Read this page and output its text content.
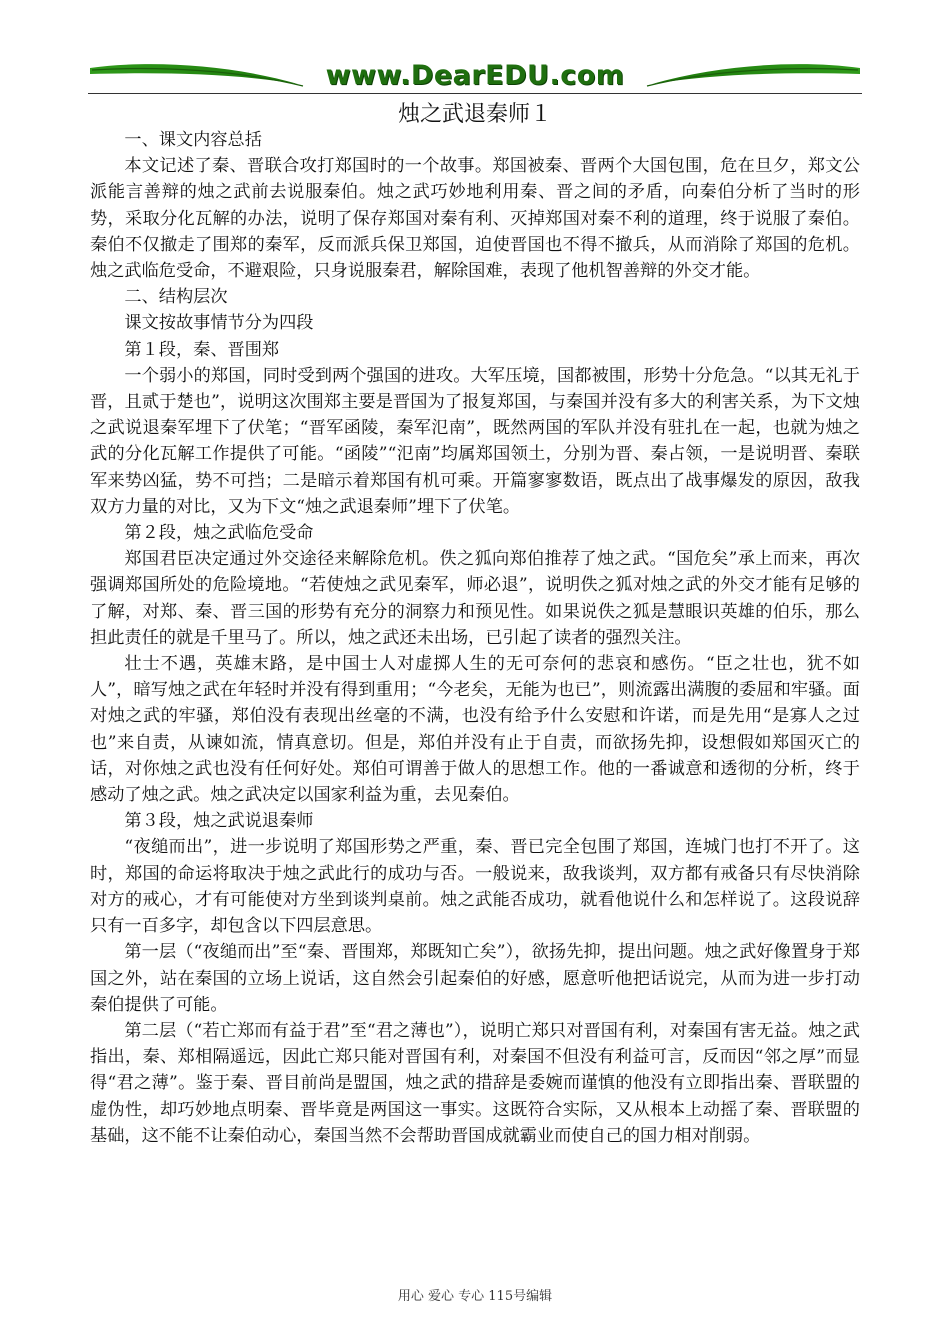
www.DearEDU.com
烛之武退秦师１

一、课文内容总括

本文记述了秦、晋联合攻打郑国时的一个故事。郑国被秦、晋两个大国包围，危在旦夕，郑文公派能言善辩的烛之武前去说服秦伯。烛之武巧妙地利用秦、晋之间的矛盾，向秦伯分析了当时的形势，采取分化瓦解的办法，说明了保存郑国对秦有利、灭掉郑国对秦不利的道理，终于说服了秦伯。秦伯不仅撤走了围郑的秦军，反而派兵保卫郑国，迫使晋国也不得不撤兵，从而消除了郑国的危机。烛之武临危受命，不避艰险，只身说服秦君，解除国难，表现了他机智善辩的外交才能。

二、结构层次

课文按故事情节分为四段

第１段，秦、晋围郑

一个弱小的郑国，同时受到两个强国的进攻。大军压境，国都被围，形势十分危急。“以其无礼于晋，且贰于楚也”，说明这次围郑主要是晋国为了报复郑国，与秦国并没有多大的利害关系，为下文烛之武说退秦军埋下了伏笔；“晋军函陵，秦军氾南”，既然两国的军队并没有驻扎在一起，也就为烛之武的分化瓦解工作提供了可能。“函陵”“氾南”均属郑国领土，分别为晋、秦占领，一是说明晋、秦联军来势凶猛，势不可挡；二是暗示着郑国有机可乘。开篇寥寥数语，既点出了战事爆发的原因，敌我双方力量的对比，又为下文“烛之武退秦师”埋下了伏笔。

第２段，烛之武临危受命

郑国君臣决定通过外交途径来解除危机。佚之狐向郑伯推荐了烛之武。“国危矣”承上而来，再次强调郑国所处的危险境地。“若使烛之武见秦军，师必退”，说明佚之狐对烛之武的外交才能有足够的了解，对郑、秦、晋三国的形势有充分的洞察力和预见性。如果说佚之狐是慧眼识英雄的伯乐，那么担此责任的就是千里马了。所以，烛之武还未出场，已引起了读者的强烈关注。

壮士不遇，英雄末路，是中国士人对虚掷人生的无可奈何的悲哀和感伤。“臣之壮也，犹不如人”，暗写烛之武在年轻时并没有得到重用；“今老矣，无能为也已”，则流露出满腹的委屈和牢骚。面对烛之武的牢骚，郑伯没有表现出丝毫的不满，也没有给予什么安慰和许诺，而是先用“是寡人之过也”来自责，从谏如流，情真意切。但是，郑伯并没有止于自责，而欲扬先抑，设想假如郑国灭亡的话，对你烛之武也没有任何好处。郑伯可谓善于做人的思想工作。他的一番诚意和透彻的分析，终于感动了烛之武。烛之武决定以国家利益为重，去见秦伯。

第３段，烛之武说退秦师

“夜缒而出”，进一步说明了郑国形势之严重，秦、晋已完全包围了郑国，连城门也打不开了。这时，郑国的命运将取决于烛之武此行的成功与否。一般说来，敌我谈判，双方都有戒备只有尽快消除对方的戒心，才有可能使对方坐到谈判桌前。烛之武能否成功，就看他说什么和怎样说了。这段说辞只有一百多字，却包含以下四层意思。

第一层（“夜缒而出”至“秦、晋围郑，郑既知亡矣”），欲扬先抑，提出问题。烛之武好像置身于郑国之外，站在秦国的立场上说话，这自然会引起秦伯的好感，愿意听他把话说完，从而为进一步打动秦伯提供了可能。

第二层（“若亡郑而有益于君”至“君之薄也”），说明亡郑只对晋国有利，对秦国有害无益。烛之武指出，秦、郑相隔遥远，因此亡郑只能对晋国有利，对秦国不但没有利益可言，反而因“邻之厚”而显得“君之薄”。鉴于秦、晋目前尚是盟国，烛之武的措辞是委婉而谨慎的他没有立即指出秦、晋联盟的虚伪性，却巧妙地点明秦、晋毕竟是两国这一事实。这既符合实际，又从根本上动摇了秦、晋联盟的基础，这不能不让秦伯动心，秦国当然不会帮助晋国成就霸业而使自己的国力相对削弱。

用心 爱心 专心 115号编辑
